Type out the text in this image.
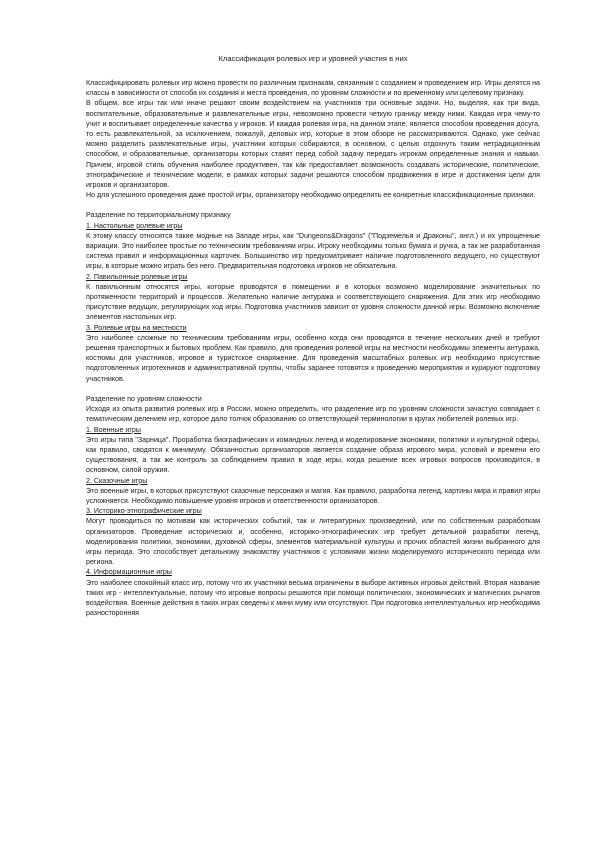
Классификация ролевых игр и уровней участия в них

Классифицировать ролевых игр можно провести по различным признакам, связанным с созданием и проведением игр. Игры делятся на классы в зависимости от способа их создания и места проведения, по уровням сложности и по временному или целевому признаку.

В общем, все игры так или иначе решают своим воздействием на участников три основные задачи. Но, выделяя, как три вида, воспитательные, образовательные и развлекательные игры, невозможно провести четкую границу между ними. Каждая игра чему-то учит и воспитывает определенные качества у игроков. И каждая ролевая игра, на данном этапе, является способом проведения досуга, то есть развлекательной, за исключением, пожалуй, деловых игр, которые в этом обзоре не рассматриваются. Однако, уже сейчас можно разделить развлекательные игры, участники которых собираются, в основном, с целью отдохнуть таким нетрадиционным способом, и образовательные, организаторы которых ставят перед собой задачу передать игрокам определенные знания и навыки. Причем, игровой стиль обучения наиболее продуктивен, так как предоставляет возможность создавать исторические, политические, этнографические и технические модели, в рамках которых задачи решаются способом продвижения в игре и достижения цели для игроков и организаторов.

Но для успешного проведения даже простой игры, организатору необходимо определить ее конкретные классификационные признаки.

Разделение по территориальному признаку
1. Настольные ролевые игры

К этому классу относятся такие модные на Западе игры, как "Dungeons&Dragons" ("Подземелья и Драконы", англ.) и их упрощенные вариации. Это наиболее простые по техническим требованиям игры. Игроку необходимы только бумага и ручка, а так же разработанная система правил и информационных карточек. Большинство игр предусматривает наличие подготовленного ведущего, но существуют игры, в которые можно играть без него. Предварительная подготовка игроков не обязательна.

2. Павильонные ролевые игры

К павильонным относятся игры, которые проводятся в помещении и в которых возможно моделирование значительных по протяженности территорий и процессов. Желательно наличие антуража и соответствующего снаряжения. Для этих игр необходимо присутствие ведущих, регулирующих ход игры. Подготовка участников зависит от уровня сложности данной игры. Возможно включение элементов настольных игр.

3. Ролевые игры на местности

Это наиболее сложные по техническим требованиям игры, особенно когда они проводятся в течение нескольких дней и требуют решения транспортных и бытовых проблем. Как правило, для проведения ролевой игры на местности необходимы элементы антуража, костюмы для участников, игровое и туристское снаряжение. Для проведения масштабных ролевых игр необходимо присутствие подготовленных игротехников и административной группы, чтобы заранее готовятся к проведению мероприятия и курируют подготовку участников.

Разделение по уровням сложности

Исходя из опыта развития ролевых игр в России, можно определить, что разделение игр по уровням сложности зачастую совпадает с тематическим делением игр, которое дало толчок образованию со ответствующей терминологии в кругах любителей ролевых игр.

1. Военные игры

Это игры типа "Зарница". Проработка биографических и командных легенд и моделирование экономики, политики и культурной сферы, как правило, сводятся к минимуму. Обязанностью организаторов является создание образа игрового мира, условий и времени его существования, а так же контроль за соблюдением правил в ходе игры, когда решение всех игровых вопросов производится, в основном, силой оружия.

2. Сказочные игры

Это военные игры, в которых присутствуют сказочные персонажи и магия. Как правило, разработка легенд, картины мира и правил игры усложняется. Необходимо повышение уровня игроков и ответственности организаторов.

3. Историко-этнографические игры

Могут проводиться по мотивам как исторических событий, так и литературных произведений, или по собственным разработкам организаторов. Проведение исторических и, особенно, историко-этнографических игр требует детальной разработки легенд, моделирования политики, экономики, духовной сферы, элементов материальной культуры и прочих областей жизни выбранного для игры периода. Это способствует детальному знакомству участников с условиями жизни моделируемого исторического периода или региона.

4. Информационные игры

Это наиболее спокойный класс игр, потому что их участники весьма ограничены в выборе активных игровых действий. Вторая название таких игр - интеллектуальные, потому что игровые вопросы решаются при помощи политических, экономических и магических рычагов воздействия. Военные действия в таких играх сведены к мини муму или отсутствуют. При подготовка интеллектуальных игр необходима разносторонняя
